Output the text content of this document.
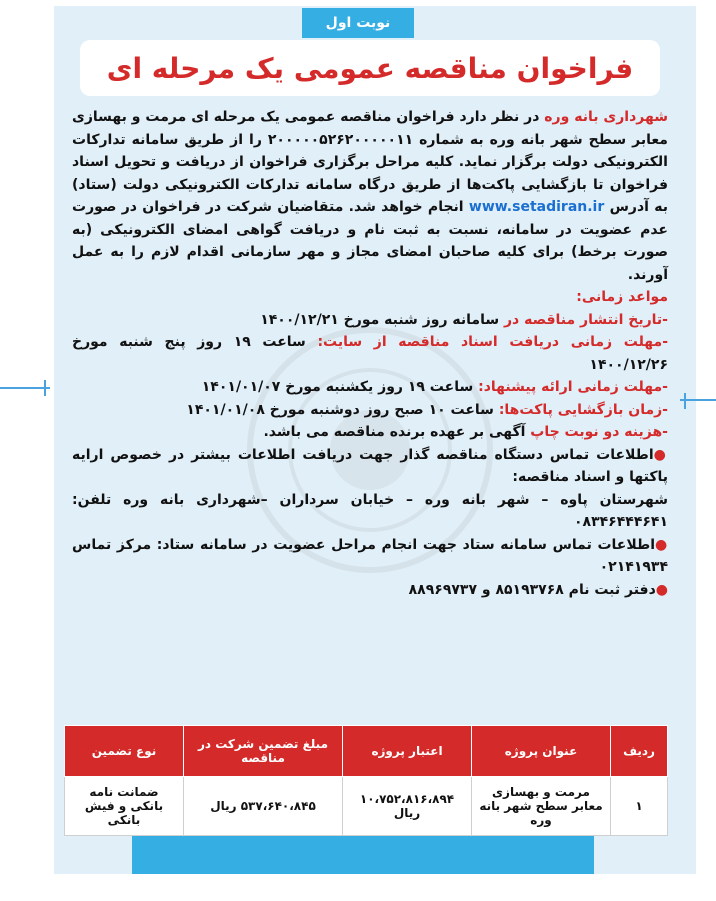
نوبت اول
فراخوان مناقصه عمومی یک مرحله ای

شهرداری بانه وره در نظر دارد فراخوان مناقصه عمومی یک مرحله ای مرمت و بهسازی معابر سطح شهر بانه وره به شماره ۲۰۰۰۰۰۵۲۶۲۰۰۰۰۰۱۱ را از طریق سامانه تدارکات الکترونیکی دولت برگزار نماید. کلیه مراحل برگزاری فراخوان از دریافت و تحویل اسناد فراخوان تا بازگشایی پاکت‌ها از طریق درگاه سامانه تدارکات الکترونیکی دولت (ستاد) به آدرس www.setadiran.ir انجام خواهد شد. متقاضیان شرکت در فراخوان در صورت عدم عضویت در سامانه، نسبت به ثبت نام و دریافت گواهی امضای الکترونیکی (به صورت برخط) برای کلیه صاحبان امضای مجاز و مهر سازمانی اقدام لازم را به عمل آورند.

مواعد زمانی:

-تاریخ انتشار مناقصه در سامانه روز شنبه مورخ ۱۴۰۰/۱۲/۲۱

-مهلت زمانی دریافت اسناد مناقصه از سایت: ساعت ۱۹ روز پنج شنبه مورخ ۱۴۰۰/۱۲/۲۶

-مهلت زمانی ارائه پیشنهاد: ساعت ۱۹ روز یکشنبه مورخ ۱۴۰۱/۰۱/۰۷

-زمان بازگشایی پاکت‌ها: ساعت ۱۰ صبح روز دوشنبه مورخ ۱۴۰۱/۰۱/۰۸

-هزینه دو نوبت چاپ آگهی بر عهده برنده مناقصه می باشد.

●اطلاعات تماس دستگاه مناقصه گذار جهت دریافت اطلاعات بیشتر در خصوص ارایه پاکتها و اسناد مناقصه:

شهرستان پاوه – شهر بانه وره – خیابان سرداران –شهرداری بانه وره تلفن: ۰۸۳۴۶۴۴۴۶۴۱

●اطلاعات تماس سامانه ستاد جهت انجام مراحل عضویت در سامانه ستاد: مرکز تماس ۰۲۱۴۱۹۳۴

●دفتر ثبت نام ۸۵۱۹۳۷۶۸ و ۸۸۹۶۹۷۳۷

ردیف	عنوان پروژه	اعتبار پروژه	مبلغ تضمین شرکت در مناقصه	نوع تضمین
۱	مرمت و بهسازی معابر سطح شهر بانه وره	۱۰،۷۵۲،۸۱۶،۸۹۴ ریال	۵۳۷،۶۴۰،۸۴۵ ریال	ضمانت نامه بانکی و فیش بانکی
